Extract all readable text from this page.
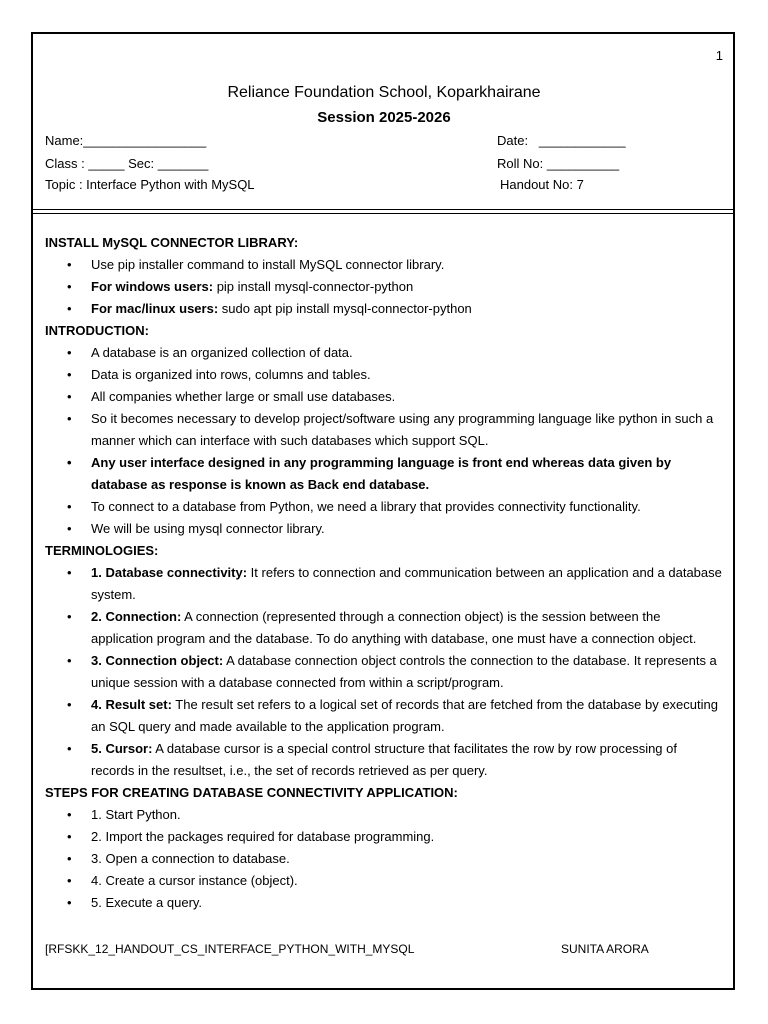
1
Reliance Foundation School, Koparkhairane
Session 2025-2026
Name:_________________	Date:   ____________
Class : _____ Sec: _______	Roll No: __________
Topic : Interface Python with MySQL	Handout No: 7
INSTALL MySQL CONNECTOR LIBRARY:
• Use pip installer command to install MySQL connector library.
• For windows users: pip install mysql-connector-python
• For mac/linux users: sudo apt pip install mysql-connector-python
INTRODUCTION:
• A database is an organized collection of data.
• Data is organized into rows, columns and tables.
• All companies whether large or small use databases.
• So it becomes necessary to develop project/software using any programming language like python in such a manner which can interface with such databases which support SQL.
• Any user interface designed in any programming language is front end whereas data given by database as response is known as Back end database.
• To connect to a database from Python, we need a library that provides connectivity functionality.
• We will be using mysql connector library.
TERMINOLOGIES:
• 1. Database connectivity: It refers to connection and communication between an application and a database system.
• 2. Connection: A connection (represented through a connection object) is the session between the application program and the database. To do anything with database, one must have a connection object.
• 3. Connection object: A database connection object controls the connection to the database. It represents a unique session with a database connected from within a script/program.
• 4. Result set: The result set refers to a logical set of records that are fetched from the database by executing an SQL query and made available to the application program.
• 5. Cursor: A database cursor is a special control structure that facilitates the row by row processing of records in the resultset, i.e., the set of records retrieved as per query.
STEPS FOR CREATING DATABASE CONNECTIVITY APPLICATION:
• 1. Start Python.
• 2. Import the packages required for database programming.
• 3. Open a connection to database.
• 4. Create a cursor instance (object).
• 5. Execute a query.
[RFSKK_12_HANDOUT_CS_INTERFACE_PYTHON_WITH_MYSQL	SUNITA ARORA
